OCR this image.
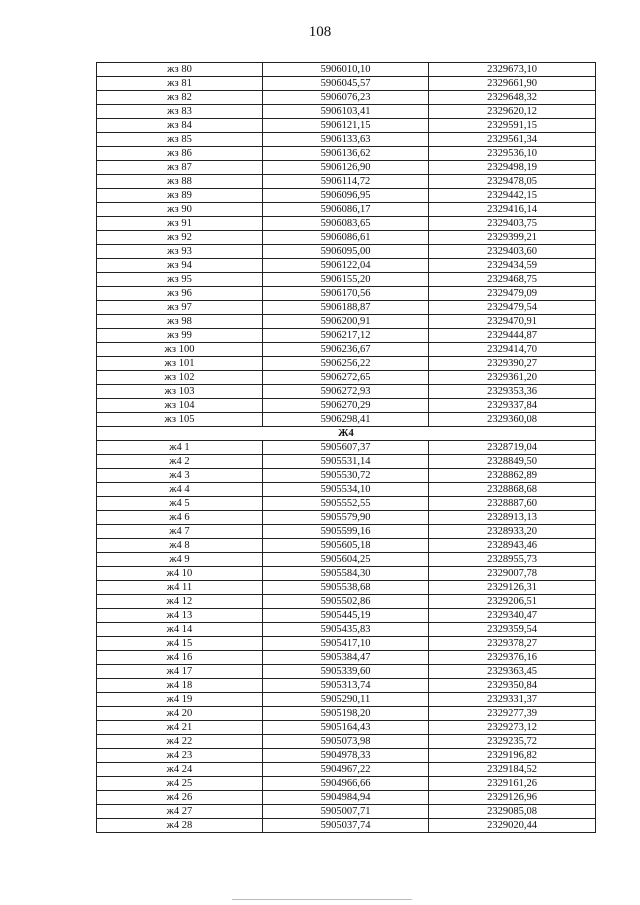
108
жз 80	5906010,10	2329673,10
жз 81	5906045,57	2329661,90
жз 82	5906076,23	2329648,32
жз 83	5906103,41	2329620,12
жз 84	5906121,15	2329591,15
жз 85	5906133,63	2329561,34
жз 86	5906136,62	2329536,10
жз 87	5906126,90	2329498,19
жз 88	5906114,72	2329478,05
жз 89	5906096,95	2329442,15
жз 90	5906086,17	2329416,14
жз 91	5906083,65	2329403,75
жз 92	5906086,61	2329399,21
жз 93	5906095,00	2329403,60
жз 94	5906122,04	2329434,59
жз 95	5906155,20	2329468,75
жз 96	5906170,56	2329479,09
жз 97	5906188,87	2329479,54
жз 98	5906200,91	2329470,91
жз 99	5906217,12	2329444,87
жз 100	5906236,67	2329414,70
жз 101	5906256,22	2329390,27
жз 102	5906272,65	2329361,20
жз 103	5906272,93	2329353,36
жз 104	5906270,29	2329337,84
жз 105	5906298,41	2329360,08
Ж4		
ж4 1	5905607,37	2328719,04
ж4 2	5905531,14	2328849,50
ж4 3	5905530,72	2328862,89
ж4 4	5905534,10	2328868,68
ж4 5	5905552,55	2328887,60
ж4 6	5905579,90	2328913,13
ж4 7	5905599,16	2328933,20
ж4 8	5905605,18	2328943,46
ж4 9	5905604,25	2328955,73
ж4 10	5905584,30	2329007,78
ж4 11	5905538,68	2329126,31
ж4 12	5905502,86	2329206,51
ж4 13	5905445,19	2329340,47
ж4 14	5905435,83	2329359,54
ж4 15	5905417,10	2329378,27
ж4 16	5905384,47	2329376,16
ж4 17	5905339,60	2329363,45
ж4 18	5905313,74	2329350,84
ж4 19	5905290,11	2329331,37
ж4 20	5905198,20	2329277,39
ж4 21	5905164,43	2329273,12
ж4 22	5905073,98	2329235,72
ж4 23	5904978,33	2329196,82
ж4 24	5904967,22	2329184,52
ж4 25	5904966,66	2329161,26
ж4 26	5904984,94	2329126,96
ж4 27	5905007,71	2329085,08
ж4 28	5905037,74	2329020,44
